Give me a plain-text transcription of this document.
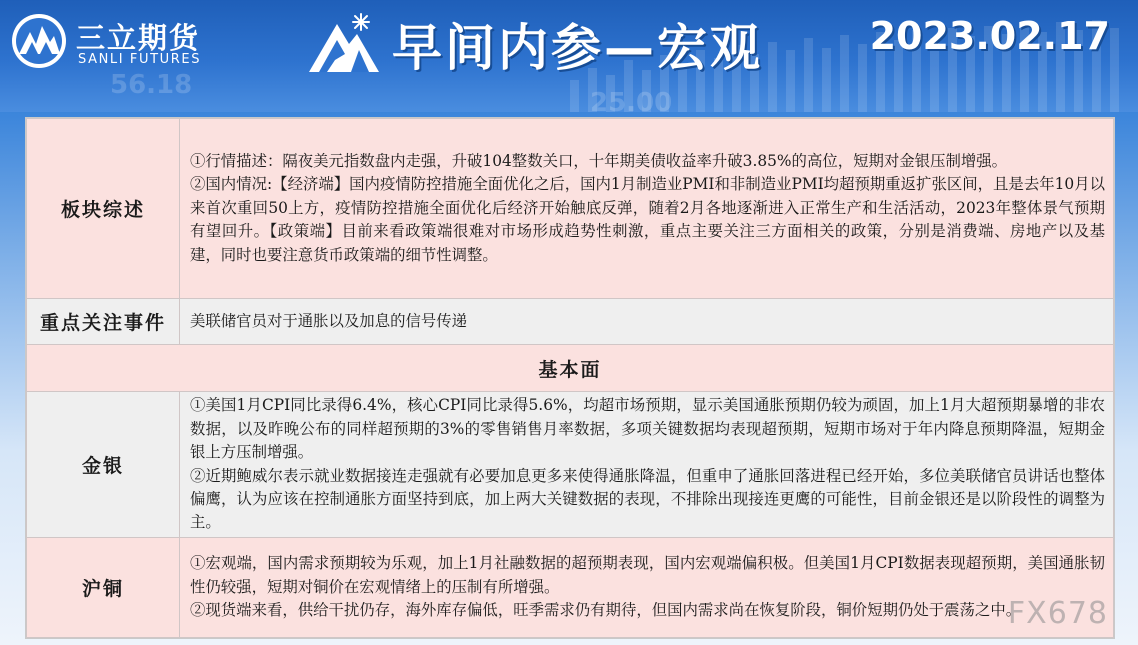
56.18
25.00
三立期货
SANLI FUTURES	早间内参—宏观	2023.02.17
板块综述	①行情描述：隔夜美元指数盘内走强，升破104整数关口，十年期美债收益率升破3.85%的高位，短期对金银压制增强。

②国内情况:【经济端】国内疫情防控措施全面优化之后，国内1月制造业PMI和非制造业PMI均超预期重返扩张区间，且是去年10月以来首次重回50上方，疫情防控措施全面优化后经济开始触底反弹，随着2月各地逐渐进入正常生产和生活活动，2023年整体景气预期有望回升。【政策端】目前来看政策端很难对市场形成趋势性刺激，重点主要关注三方面相关的政策，分别是消费端、房地产以及基建，同时也要注意货币政策端的细节性调整。

重点关注事件	美联储官员对于通胀以及加息的信号传递
基本面	
金银	①美国1月CPI同比录得6.4%，核心CPI同比录得5.6%，均超市场预期，显示美国通胀预期仍较为顽固，加上1月大超预期暴增的非农数据，以及昨晚公布的同样超预期的3%的零售销售月率数据，多项关键数据均表现超预期，短期市场对于年内降息预期降温，短期金银上方压制增强。

②近期鲍威尔表示就业数据接连走强就有必要加息更多来使得通胀降温，但重申了通胀回落进程已经开始，多位美联储官员讲话也整体偏鹰，认为应该在控制通胀方面坚持到底，加上两大关键数据的表现，不排除出现接连更鹰的可能性，目前金银还是以阶段性的调整为主。

沪铜	①宏观端，国内需求预期较为乐观，加上1月社融数据的超预期表现，国内宏观端偏积极。但美国1月CPI数据表现超预期，美国通胀韧性仍较强，短期对铜价在宏观情绪上的压制有所增强。

②现货端来看，供给干扰仍存，海外库存偏低，旺季需求仍有期待，但国内需求尚在恢复阶段，铜价短期仍处于震荡之中。

FX678
